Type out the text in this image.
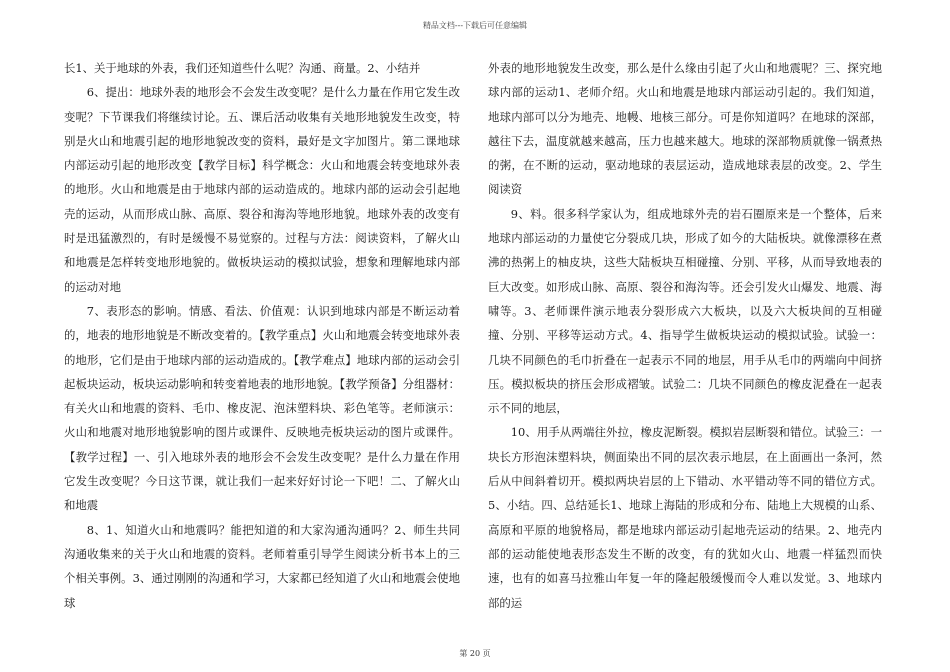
精品文档---下载后可任意编辑

长1、关于地球的外表，我们还知道些什么呢？沟通、商量。2、小结并

6、提出：地球外表的地形会不会发生改变呢？是什么力量在作用它发生改变呢？下节课我们将继续讨论。五、课后活动收集有关地形地貌发生改变，特别是火山和地震引起的地形地貌改变的资料，最好是文字加图片。第二课地球内部运动引起的地形改变【教学目标】科学概念：火山和地震会转变地球外表的地形。火山和地震是由于地球内部的运动造成的。地球内部的运动会引起地壳的运动，从而形成山脉、高原、裂谷和海沟等地形地貌。地球外表的改变有时是迅猛激烈的，有时是缓慢不易觉察的。过程与方法：阅读资料，了解火山和地震是怎样转变地形地貌的。做板块运动的模拟试验，想象和理解地球内部的运动对地

7、表形态的影响。情感、看法、价值观：认识到地球内部是不断运动着的，地表的地形地貌是不断改变着的。【教学重点】火山和地震会转变地球外表的地形，它们是由于地球内部的运动造成的。【教学难点】地球内部的运动会引起板块运动，板块运动影响和转变着地表的地形地貌。【教学预备】分组器材：有关火山和地震的资料、毛巾、橡皮泥、泡沫塑料块、彩色笔等。老师演示：火山和地震对地形地貌影响的图片或课件、反映地壳板块运动的图片或课件。【教学过程】一、引入地球外表的地形会不会发生改变呢？是什么力量在作用它发生改变呢？今日这节课，就让我们一起来好好讨论一下吧！二、了解火山和地震

8、1、知道火山和地震吗？能把知道的和大家沟通沟通吗？2、师生共同沟通收集来的关于火山和地震的资料。老师着重引导学生阅读分析书本上的三个相关事例。3、通过刚刚的沟通和学习，大家都已经知道了火山和地震会使地球

外表的地形地貌发生改变，那么是什么缘由引起了火山和地震呢？三、探究地球内部的运动1、老师介绍。火山和地震是地球内部运动引起的。我们知道，地球内部可以分为地壳、地幔、地核三部分。可是你知道吗？在地球的深部，越往下去，温度就越来越高，压力也越来越大。地球的深部物质就像一锅煮热的粥，在不断的运动，驱动地球的表层运动，造成地球表层的改变。2、学生阅读资

9、料。很多科学家认为，组成地球外壳的岩石圈原来是一个整体，后来地球内部运动的力量使它分裂成几块，形成了如今的大陆板块。就像漂移在煮沸的热粥上的柚皮块，这些大陆板块互相碰撞、分别、平移，从而导致地表的巨大改变。如形成山脉、高原、裂谷和海沟等。还会引发火山爆发、地震、海啸等。3、老师课件演示地表分裂形成六大板块，以及六大板块间的互相碰撞、分别、平移等运动方式。4、指导学生做板块运动的模拟试验。试验一：几块不同颜色的毛巾折叠在一起表示不同的地层，用手从毛巾的两端向中间挤压。模拟板块的挤压会形成褶皱。试验二：几块不同颜色的橡皮泥叠在一起表示不同的地层，

10、用手从两端往外拉，橡皮泥断裂。模拟岩层断裂和错位。试验三：一块长方形泡沫塑料块，侧面染出不同的层次表示地层，在上面画出一条河，然后从中间斜着切开。模拟两块岩层的上下错动、水平错动等不同的错位方式。5、小结。四、总结延长1、地球上海陆的形成和分布、陆地上大规模的山系、高原和平原的地貌格局，都是地球内部运动引起地壳运动的结果。2、地壳内部的运动能使地表形态发生不断的改变，有的犹如火山、地震一样猛烈而快速，也有的如喜马拉雅山年复一年的隆起般缓慢而令人难以发觉。3、地球内部的运

第 20 页
